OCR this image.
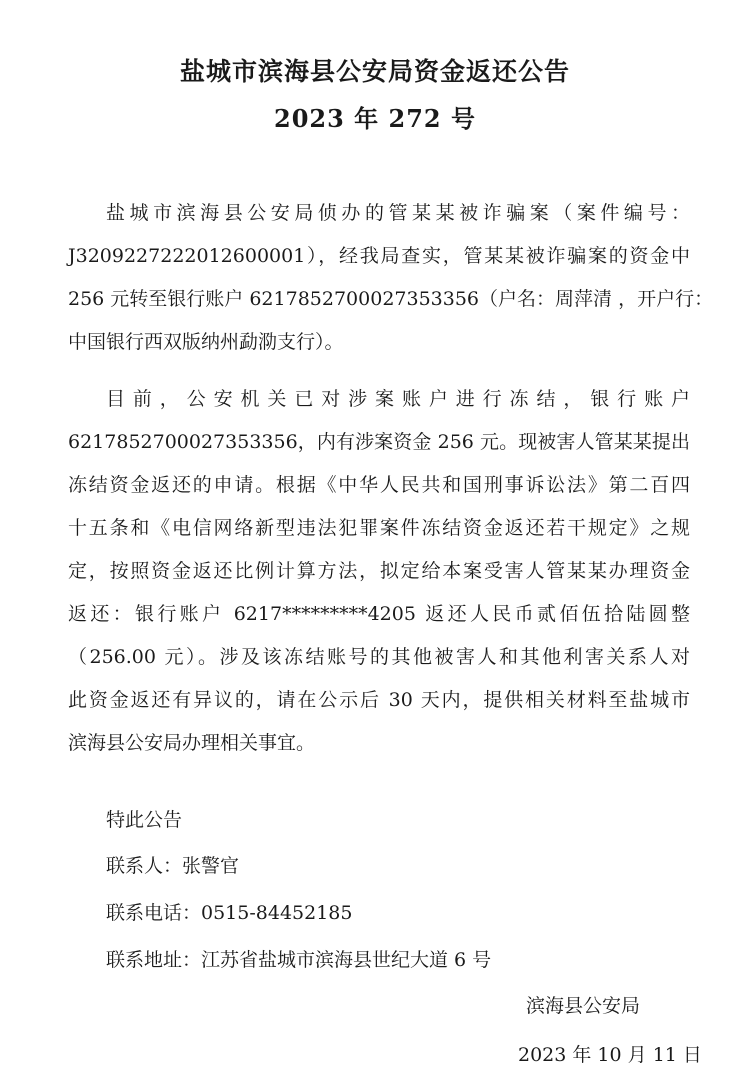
盐城市滨海县公安局资金返还公告
2023 年 272 号
盐城市滨海县公安局侦办的管某某被诈骗案（案件编号：
J3209227222012600001），经我局查实，管某某被诈骗案的资金中
256 元转至银行账户 6217852700027353356（户名：周萍清 ，开户行：
中国银行西双版纳州勐泐支行）。
目前，公安机关已对涉案账户进行冻结，银行账户
6217852700027353356，内有涉案资金 256 元。现被害人管某某提出
冻结资金返还的申请。根据《中华人民共和国刑事诉讼法》第二百四
十五条和《电信网络新型违法犯罪案件冻结资金返还若干规定》之规
定，按照资金返还比例计算方法，拟定给本案受害人管某某办理资金
返还：银行账户 6217*********4205 返还人民币贰佰伍拾陆圆整
（256.00 元）。涉及该冻结账号的其他被害人和其他利害关系人对
此资金返还有异议的，请在公示后 30 天内，提供相关材料至盐城市
滨海县公安局办理相关事宜。
特此公告
联系人：张警官
联系电话：0515-84452185
联系地址：江苏省盐城市滨海县世纪大道 6 号
滨海县公安局
2023 年 10 月 11 日
